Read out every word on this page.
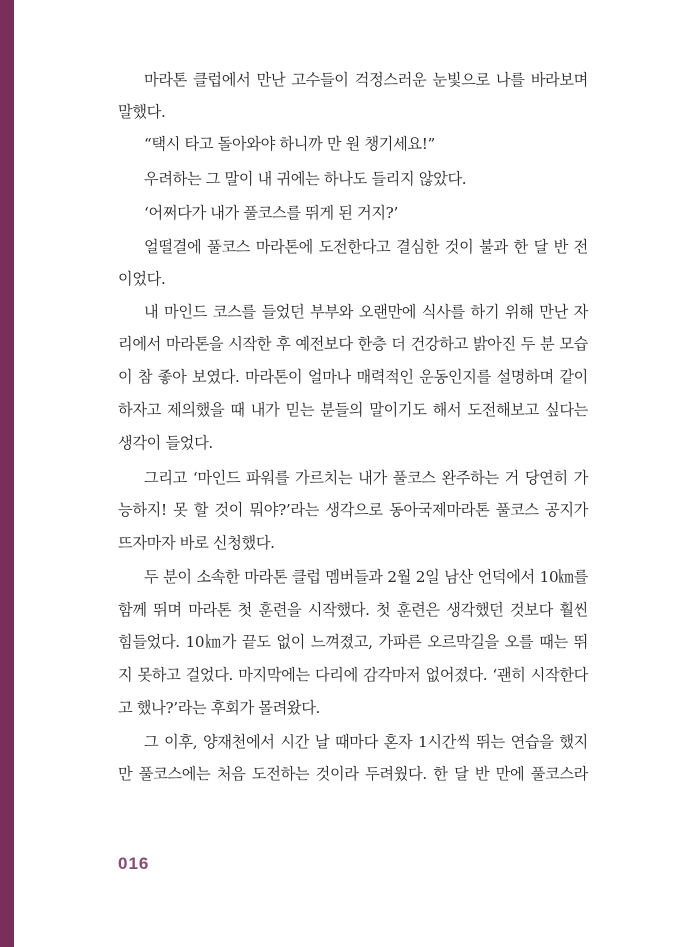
마라톤 클럽에서 만난 고수들이 걱정스러운 눈빛으로 나를 바라보며
말했다.
“택시 타고 돌아와야 하니까 만 원 챙기세요!”
우려하는 그 말이 내 귀에는 하나도 들리지 않았다.
‘어쩌다가 내가 풀코스를 뛰게 된 거지?’
얼떨결에 풀코스 마라톤에 도전한다고 결심한 것이 불과 한 달 반 전
이었다.
내 마인드 코스를 들었던 부부와 오랜만에 식사를 하기 위해 만난 자
리에서 마라톤을 시작한 후 예전보다 한층 더 건강하고 밝아진 두 분 모습
이 참 좋아 보였다. 마라톤이 얼마나 매력적인 운동인지를 설명하며 같이
하자고 제의했을 때 내가 믿는 분들의 말이기도 해서 도전해보고 싶다는
생각이 들었다.
그리고 ‘마인드 파워를 가르치는 내가 풀코스 완주하는 거 당연히 가
능하지! 못 할 것이 뭐야?’라는 생각으로 동아국제마라톤 풀코스 공지가
뜨자마자 바로 신청했다.
두 분이 소속한 마라톤 클럽 멤버들과 2월 2일 남산 언덕에서 10㎞를
함께 뛰며 마라톤 첫 훈련을 시작했다. 첫 훈련은 생각했던 것보다 훨씬
힘들었다. 10㎞가 끝도 없이 느껴졌고, 가파른 오르막길을 오를 때는 뛰
지 못하고 걸었다. 마지막에는 다리에 감각마저 없어졌다. ‘괜히 시작한다
고 했나?’라는 후회가 몰려왔다.
그 이후, 양재천에서 시간 날 때마다 혼자 1시간씩 뛰는 연습을 했지
만 풀코스에는 처음 도전하는 것이라 두려웠다. 한 달 반 만에 풀코스라
016
